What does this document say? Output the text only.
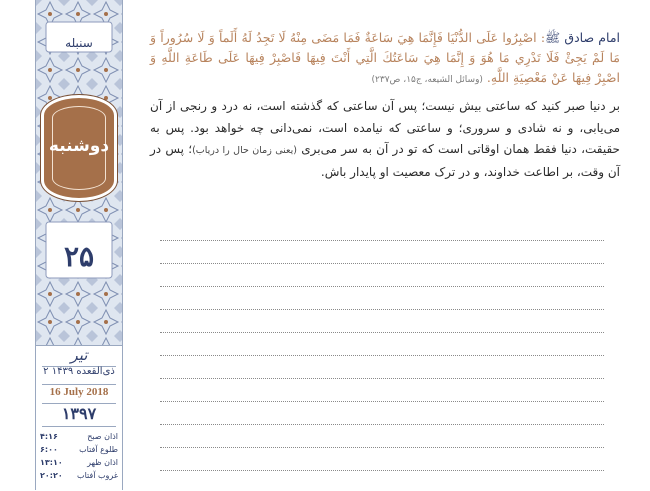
سنبله
دوشنبه
۲۵
تیر
۲ ذی‌القعده ۱۴۳۹
16 July 2018
۱۳۹۷
اذان صبح
۴:۱۶
طلوع آفتاب
۶:۰۰
اذان ظهر
۱۳:۱۰
غروب آفتاب
۲۰:۲۰
امام صادق ﷺ: اصْبِرُوا عَلَى الدُّنْيَا فَإِنَّمَا هِيَ سَاعَةٌ فَمَا مَضَى مِنْهُ لَا تَجِدُ لَهُ أَلَماً وَ لَا سُرُوراً وَ مَا لَمْ يَجِئْ فَلَا تَدْرِي مَا هُوَ وَ إِنَّمَا هِيَ سَاعَتُكَ الَّتِي أَنْتَ فِيهَا فَاصْبِرْ فِيهَا عَلَى طَاعَةِ اللَّهِ وَ اصْبِرْ فِيهَا عَنْ مَعْصِيَةِ اللَّهِ. (وسائل الشیعه، ج۱۵، ص۲۳۷)
بر دنیا صبر کنید که ساعتی بیش نیست؛ پس آن ساعتی که گذشته است، نه درد و رنجی از آن می‌یابی، و نه شادی و سروری؛ و ساعتی که نیامده است، نمی‌دانی چه خواهد بود. پس به حقیقت، دنیا فقط همان اوقاتی است که تو در آن به سر می‌بری (یعنی زمان حال را دریاب)؛ پس در آن وقت، بر اطاعت خداوند، و در ترک معصیت او پایدار باش.
